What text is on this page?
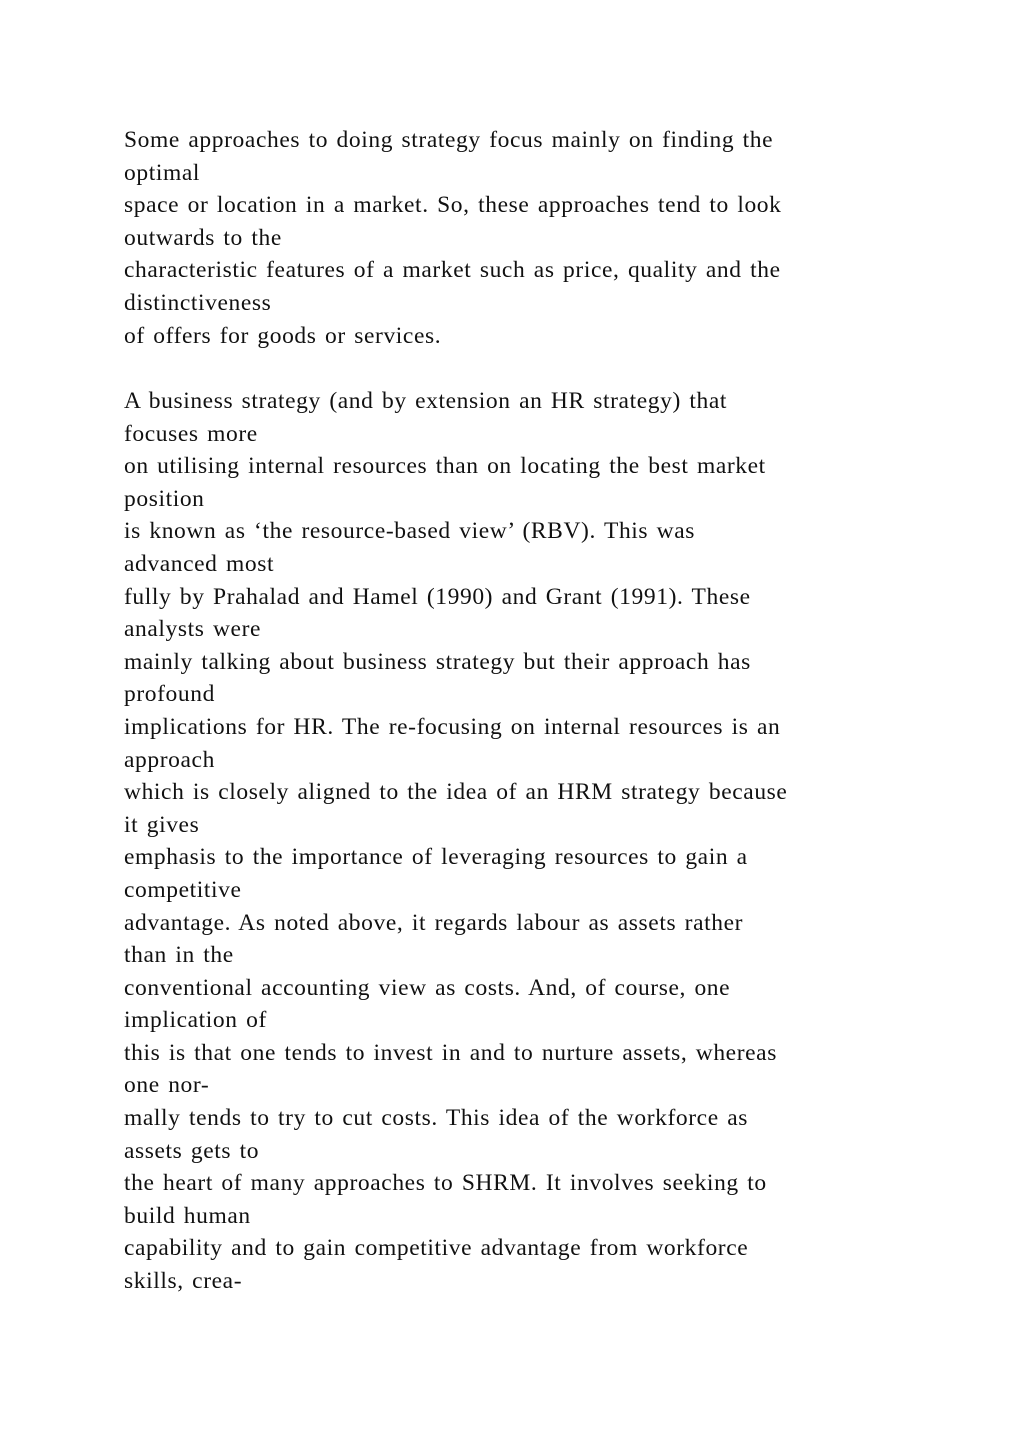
Some approaches to doing strategy focus mainly on finding the
optimal
space or location in a market. So, these approaches tend to look
outwards to the
characteristic features of a market such as price, quality and the
distinctiveness
of offers for goods or services.
A business strategy (and by extension an HR strategy) that
focuses more
on utilising internal resources than on locating the best market
position
is known as ‘the resource-based view’ (RBV). This was
advanced most
fully by Prahalad and Hamel (1990) and Grant (1991). These
analysts were
mainly talking about business strategy but their approach has
profound
implications for HR. The re-focusing on internal resources is an
approach
which is closely aligned to the idea of an HRM strategy because
it gives
emphasis to the importance of leveraging resources to gain a
competitive
advantage. As noted above, it regards labour as assets rather
than in the
conventional accounting view as costs. And, of course, one
implication of
this is that one tends to invest in and to nurture assets, whereas
one nor-
mally tends to try to cut costs. This idea of the workforce as
assets gets to
the heart of many approaches to SHRM. It involves seeking to
build human
capability and to gain competitive advantage from workforce
skills, crea-
